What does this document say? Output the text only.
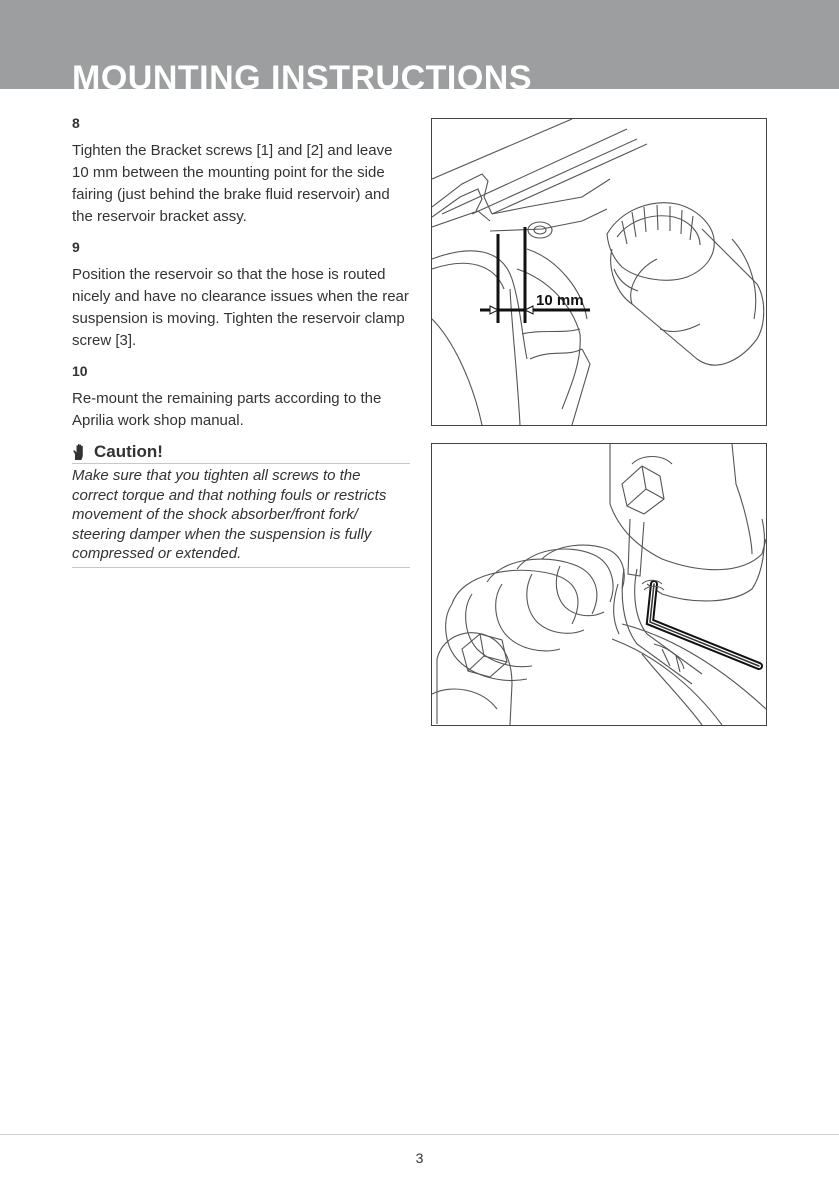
MOUNTING INSTRUCTIONS
8

Tighten the Bracket screws [1] and [2] and leave 10 mm between the mounting point for the side fairing (just behind the brake fluid reservoir) and the reservoir bracket assy.

9

Position the reservoir so that the hose is routed nicely and have no clearance issues when the rear suspension is moving. Tighten the reservoir clamp screw [3].

10

Re-mount the remaining parts according to the Aprilia work shop manual.

Caution!

Make sure that you tighten all screws to the correct torque and that nothing fouls or restricts movement of the shock absorber/front fork/ steering damper when the suspension is fully compressed or extended.

10 mm
3
